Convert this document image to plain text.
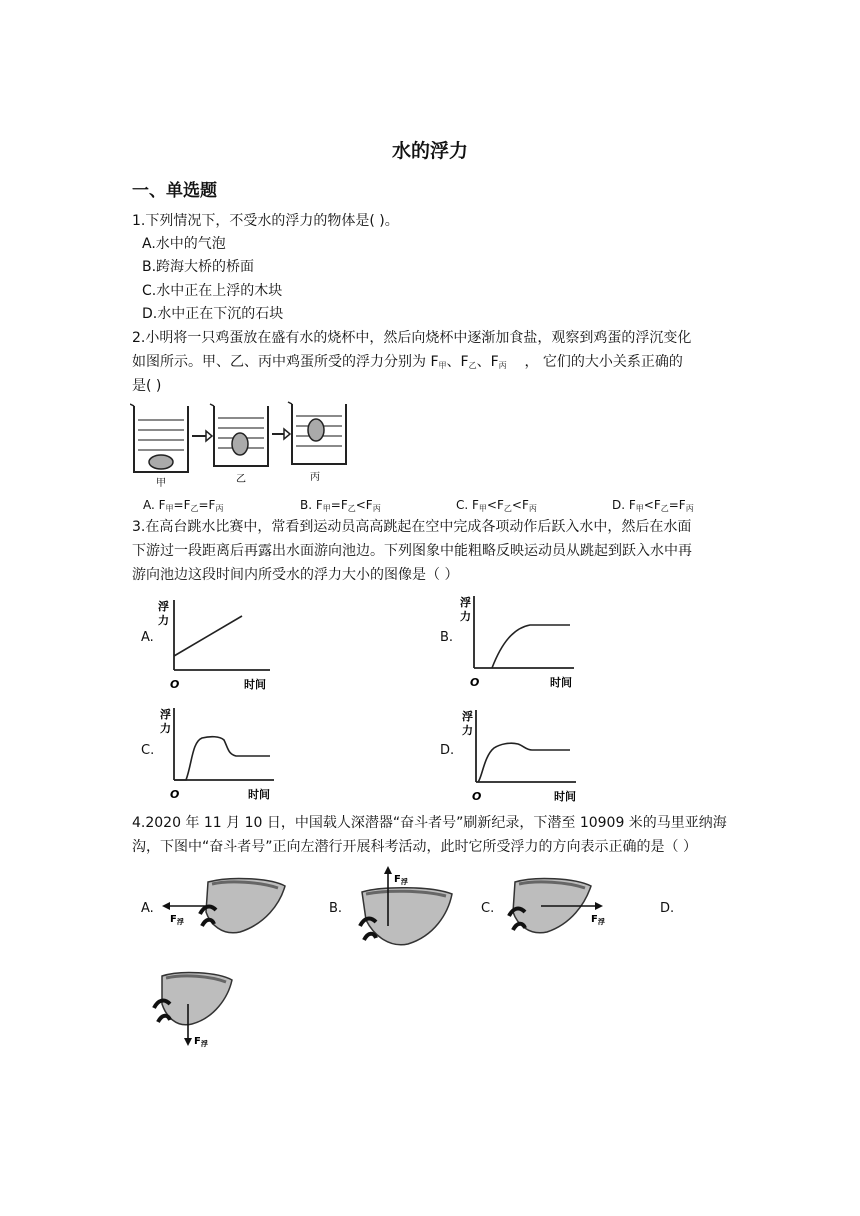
水的浮力
一、单选题
1.下列情况下，不受水的浮力的物体是( )。
A.水中的气泡
B.跨海大桥的桥面
C.水中正在上浮的木块
D.水中正在下沉的石块
2.小明将一只鸡蛋放在盛有水的烧杯中，然后向烧杯中逐渐加食盐，观察到鸡蛋的浮沉变化
如图所示。甲、乙、丙中鸡蛋所受的浮力分别为 $F_甲$、$F_乙$、$F_丙$ ， 它们的大小关系正确的
是( )
甲	乙	丙
A. $F_甲=F_乙=F_丙$	B. $F_甲=F_乙<F_丙$	C. $F_甲<F_乙<F_丙$	D. $F_甲<F_乙=F_丙$
3.在高台跳水比赛中，常看到运动员高高跳起在空中完成各项动作后跃入水中，然后在水面
下游过一段距离后再露出水面游向池边。下列图象中能粗略反映运动员从跳起到跃入水中再
游向池边这段时间内所受水的浮力大小的图像是（ ）
A.	B.
C.	D.
浮
力
O	时间
浮
力
O	时间
浮
力
O	时间
浮
力
O	时间
4.2020 年 11 月 10 日，中国载人深潜器“奋斗者号”刷新纪录，下潜至 10909 米的马里亚纳海
沟，下图中“奋斗者号”正向左潜行开展科考活动，此时它所受浮力的方向表示正确的是（ ）
A.	B.	C.	D.
$F_浮$
$F_浮$
$F_浮$
$F_浮$
